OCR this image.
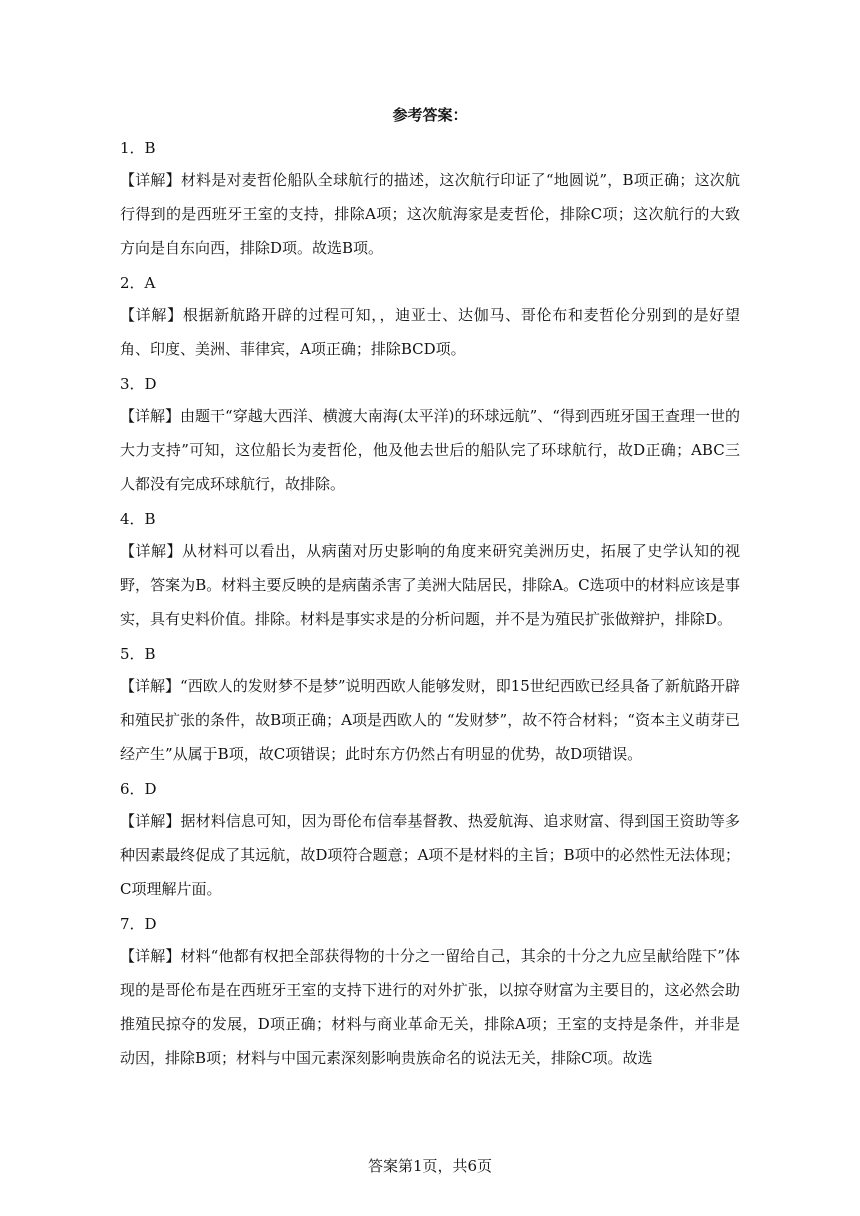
参考答案：
1．B
【详解】材料是对麦哲伦船队全球航行的描述，这次航行印证了“地圆说”，B项正确；这次航行得到的是西班牙王室的支持，排除A项；这次航海家是麦哲伦，排除C项；这次航行的大致方向是自东向西，排除D项。故选B项。
2．A
【详解】根据新航路开辟的过程可知，，迪亚士、达伽马、哥伦布和麦哲伦分别到的是好望角、印度、美洲、菲律宾，A项正确；排除BCD项。
3．D
【详解】由题干“穿越大西洋、横渡大南海(太平洋)的环球远航”、“得到西班牙国王查理一世的大力支持”可知，这位船长为麦哲伦，他及他去世后的船队完了环球航行，故D正确；ABC三人都没有完成环球航行，故排除。
4．B
【详解】从材料可以看出，从病菌对历史影响的角度来研究美洲历史，拓展了史学认知的视野，答案为B。材料主要反映的是病菌杀害了美洲大陆居民，排除A。C选项中的材料应该是事实，具有史料价值。排除。材料是事实求是的分析问题，并不是为殖民扩张做辩护，排除D。
5．B
【详解】“西欧人的发财梦不是梦”说明西欧人能够发财，即15世纪西欧已经具备了新航路开辟和殖民扩张的条件，故B项正确；A项是西欧人的 “发财梦”，故不符合材料；“资本主义萌芽已经产生”从属于B项，故C项错误；此时东方仍然占有明显的优势，故D项错误。
6．D
【详解】据材料信息可知，因为哥伦布信奉基督教、热爱航海、追求财富、得到国王资助等多种因素最终促成了其远航，故D项符合题意；A项不是材料的主旨；B项中的必然性无法体现；C项理解片面。
7．D
【详解】材料“他都有权把全部获得物的十分之一留给自己，其余的十分之九应呈献给陛下”体现的是哥伦布是在西班牙王室的支持下进行的对外扩张，以掠夺财富为主要目的，这必然会助推殖民掠夺的发展，D项正确；材料与商业革命无关，排除A项；王室的支持是条件，并非是动因，排除B项；材料与中国元素深刻影响贵族命名的说法无关，排除C项。故选
答案第1页，共6页
